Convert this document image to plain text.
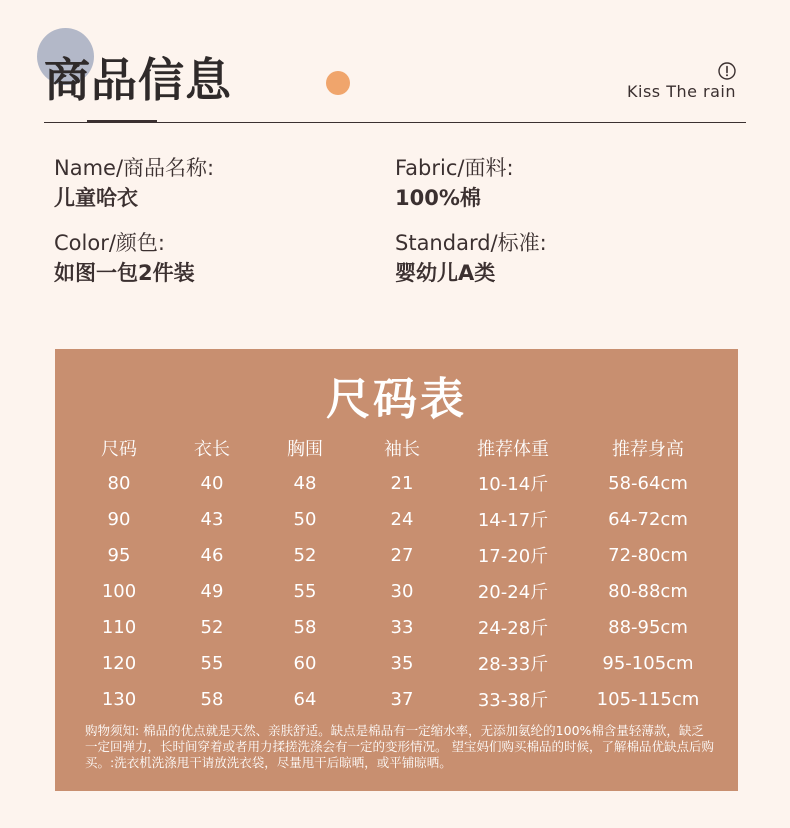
商品信息	Kiss The rain
Name/商品名称:
儿童哈衣
Fabric/面料:
100%棉
Color/颜色:
如图一包2件装
Standard/标准:
婴幼儿A类
尺码表
尺码	衣长	胸围	袖长	推荐体重	推荐身高
80	40	48	21	10-14斤	58-64cm
90	43	50	24	14-17斤	64-72cm
95	46	52	27	17-20斤	72-80cm
100	49	55	30	20-24斤	80-88cm
110	52	58	33	24-28斤	88-95cm
120	55	60	35	28-33斤	95-105cm
130	58	64	37	33-38斤	105-115cm
购物须知: 棉品的优点就是天然、亲肤舒适。缺点是棉品有一定缩水率，无添加氨纶的100%棉含量轻薄款，缺乏一定回弹力，长时间穿着或者用力揉搓洗涤会有一定的变形情况。 望宝妈们购买棉品的时候，了解棉品优缺点后购买。:洗衣机洗涤甩干请放洗衣袋，尽量甩干后晾晒，或平铺晾晒。
